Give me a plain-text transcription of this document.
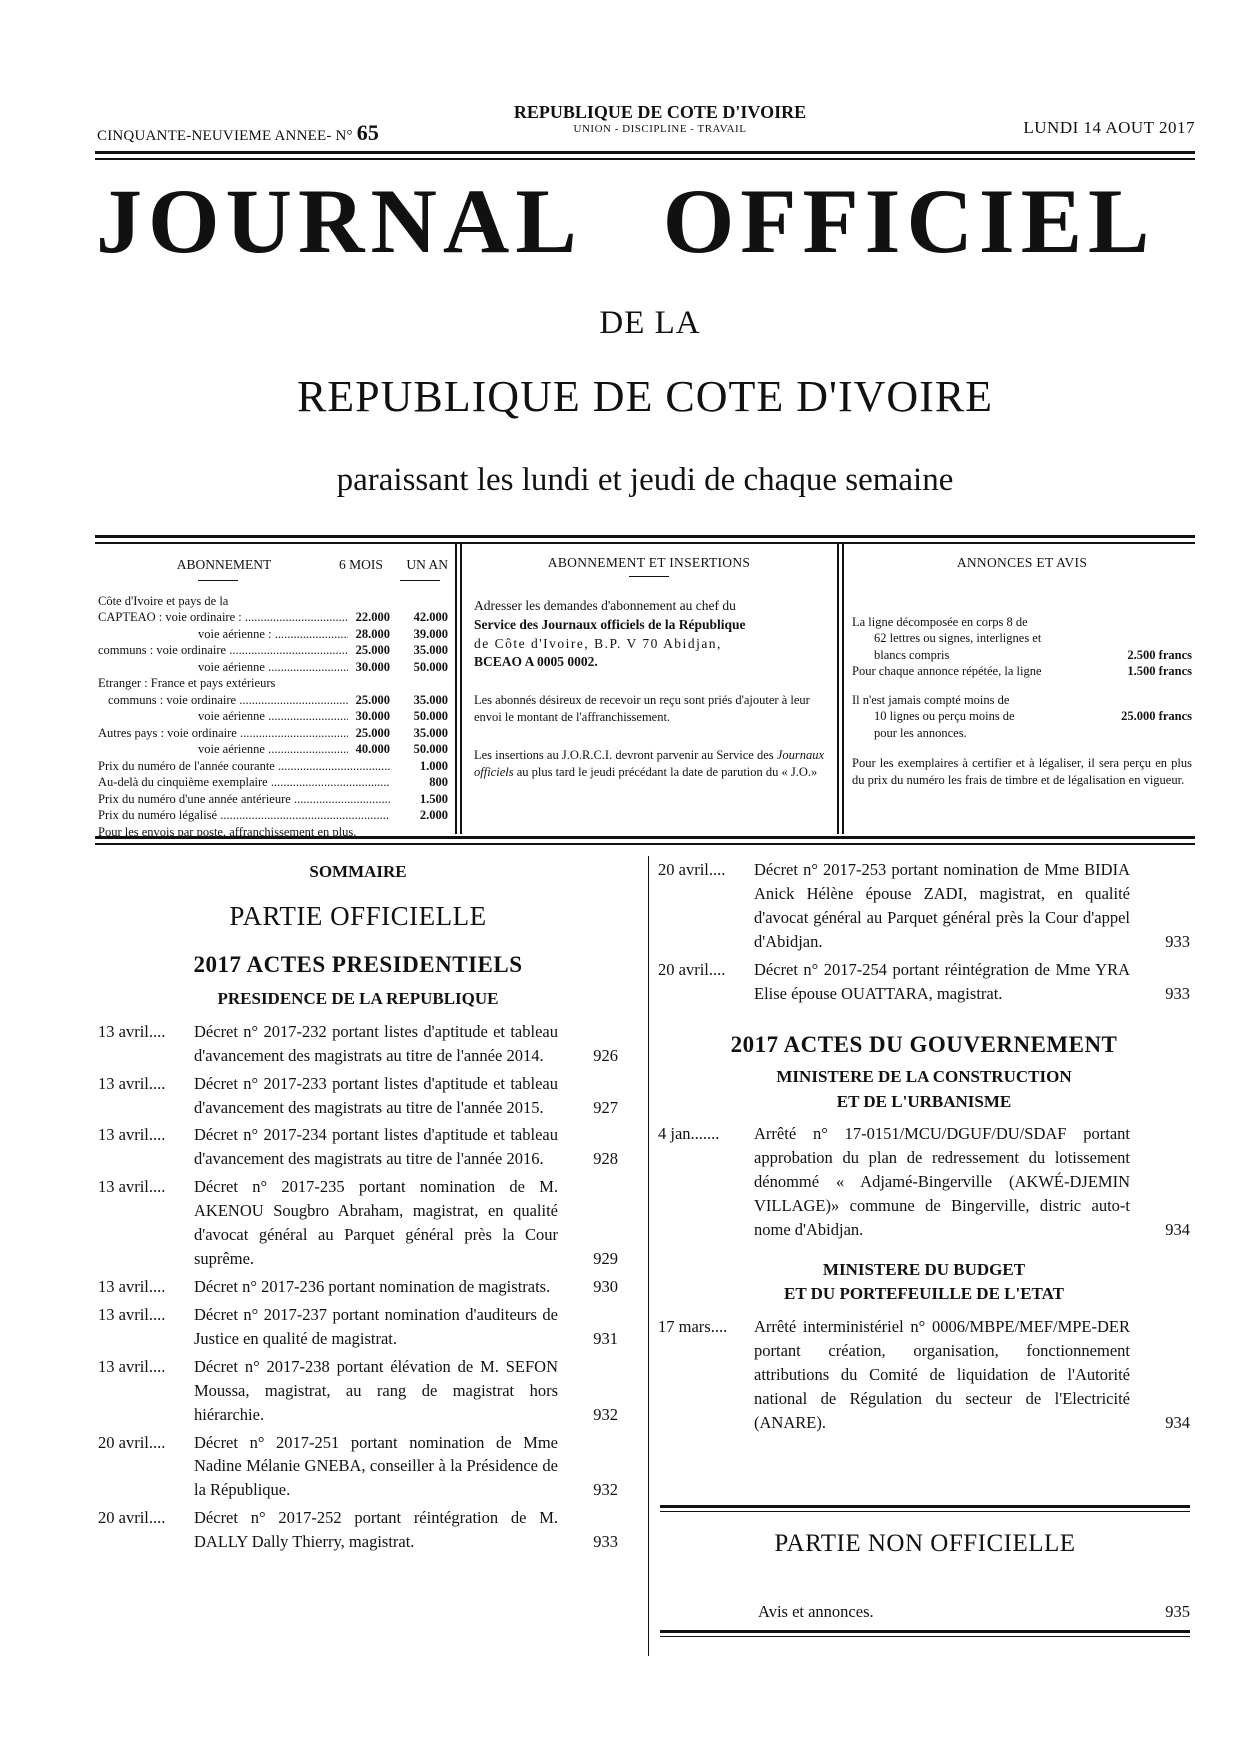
CINQUANTE-NEUVIEME ANNEE- N° 65
REPUBLIQUE DE COTE D'IVOIRE
UNION - DISCIPLINE - TRAVAIL	LUNDI 14 AOUT 2017
JOURNAL OFFICIEL
DE LA
REPUBLIQUE DE COTE D'IVOIRE
paraissant les lundi et jeudi de chaque semaine
ABONNEMENT	6 MOIS	UN AN
Côte d'Ivoire et pays de la
CAPTEAO : voie ordinaire : .....	22.000	42.000
voie aérienne : .....	28.000	39.000
communs : voie ordinaire .....	25.000	35.000
voie aérienne .....	30.000	50.000
Etranger : France et pays extérieurs
communs : voie ordinaire .....	25.000	35.000
voie aérienne .....	30.000	50.000
Autres pays : voie ordinaire .....	25.000	35.000
voie aérienne .....	40.000	50.000
Prix du numéro de l'année courante .....	1.000
Au-delà du cinquième exemplaire .....	800
Prix du numéro d'une année antérieure .....	1.500
Prix du numéro légalisé .....	2.000
Pour les envois par poste, affranchissement en plus.
ABONNEMENT ET INSERTIONS

Adresser les demandes d'abonnement au chef du
Service des Journaux officiels de la République
de Côte d'Ivoire, B.P. V 70 Abidjan,
BCEAO A 0005 0002.

Les abonnés désireux de recevoir un reçu sont priés d'ajouter à leur envoi le montant de l'affranchissement.

Les insertions au J.O.R.C.I. devront parvenir au Service des Journaux officiels au plus tard le jeudi précédant la date de parution du « J.O.»

ANNONCES ET AVIS
La ligne décomposée en corps 8 de
62 lettres ou signes, interlignes et
blancs compris	2.500 francs
Pour chaque annonce répétée, la ligne	1.500 francs
Il n'est jamais compté moins de
10 lignes ou perçu moins de	25.000 francs
pour les annonces.
Pour les exemplaires à certifier et à légaliser, il sera perçu en plus du prix du numéro les frais de timbre et de légalisation en vigueur.
SOMMAIRE
PARTIE OFFICIELLE
2017 ACTES PRESIDENTIELS
PRESIDENCE DE LA REPUBLIQUE
13 avril....	Décret n° 2017-232 portant listes d'aptitude et tableau d'avancement des magistrats au titre de l'année 2014.	926
13 avril....	Décret n° 2017-233 portant listes d'aptitude et tableau d'avancement des magistrats au titre de l'année 2015.	927
13 avril....	Décret n° 2017-234 portant listes d'aptitude et tableau d'avancement des magistrats au titre de l'année 2016.	928
13 avril....	Décret n° 2017-235 portant nomination de M. AKENOU Sougbro Abraham, magistrat, en qualité d'avocat général au Parquet général près la Cour suprême.	929
13 avril....	Décret n° 2017-236 portant nomination de magistrats.	930
13 avril....	Décret n° 2017-237 portant nomination d'auditeurs de Justice en qualité de magistrat.	931
13 avril....	Décret n° 2017-238 portant élévation de M. SEFON Moussa, magistrat, au rang de magistrat hors hiérarchie.	932
20 avril....	Décret n° 2017-251 portant nomination de Mme Nadine Mélanie GNEBA, conseiller à la Présidence de la République.	932
20 avril....	Décret n° 2017-252 portant réintégration de M. DALLY Dally Thierry, magistrat.	933
20 avril....	Décret n° 2017-253 portant nomination de Mme BIDIA Anick Hélène épouse ZADI, magistrat, en qualité d'avocat général au Parquet général près la Cour d'appel d'Abidjan.	933
20 avril....	Décret n° 2017-254 portant réintégration de Mme YRA Elise épouse OUATTARA, magistrat.	933
2017 ACTES DU GOUVERNEMENT
MINISTERE DE LA CONSTRUCTION
ET DE L'URBANISME
4 jan.......	Arrêté n° 17-0151/MCU/DGUF/DU/SDAF portant approbation du plan de redressement du lotissement dénommé « Adjamé-Bingerville (AKWÉ-DJEMIN VILLAGE)» commune de Bingerville, distric auto-t nome d'Abidjan.	934
MINISTERE DU BUDGET
ET DU PORTEFEUILLE DE L'ETAT
17 mars....	Arrêté interministériel n° 0006/MBPE/MEF/MPE-DER portant création, organisation, fonctionnement attributions du Comité de liquidation de l'Autorité national de Régulation du secteur de l'Electricité (ANARE).	934
PARTIE NON OFFICIELLE
Avis et annonces.	935
